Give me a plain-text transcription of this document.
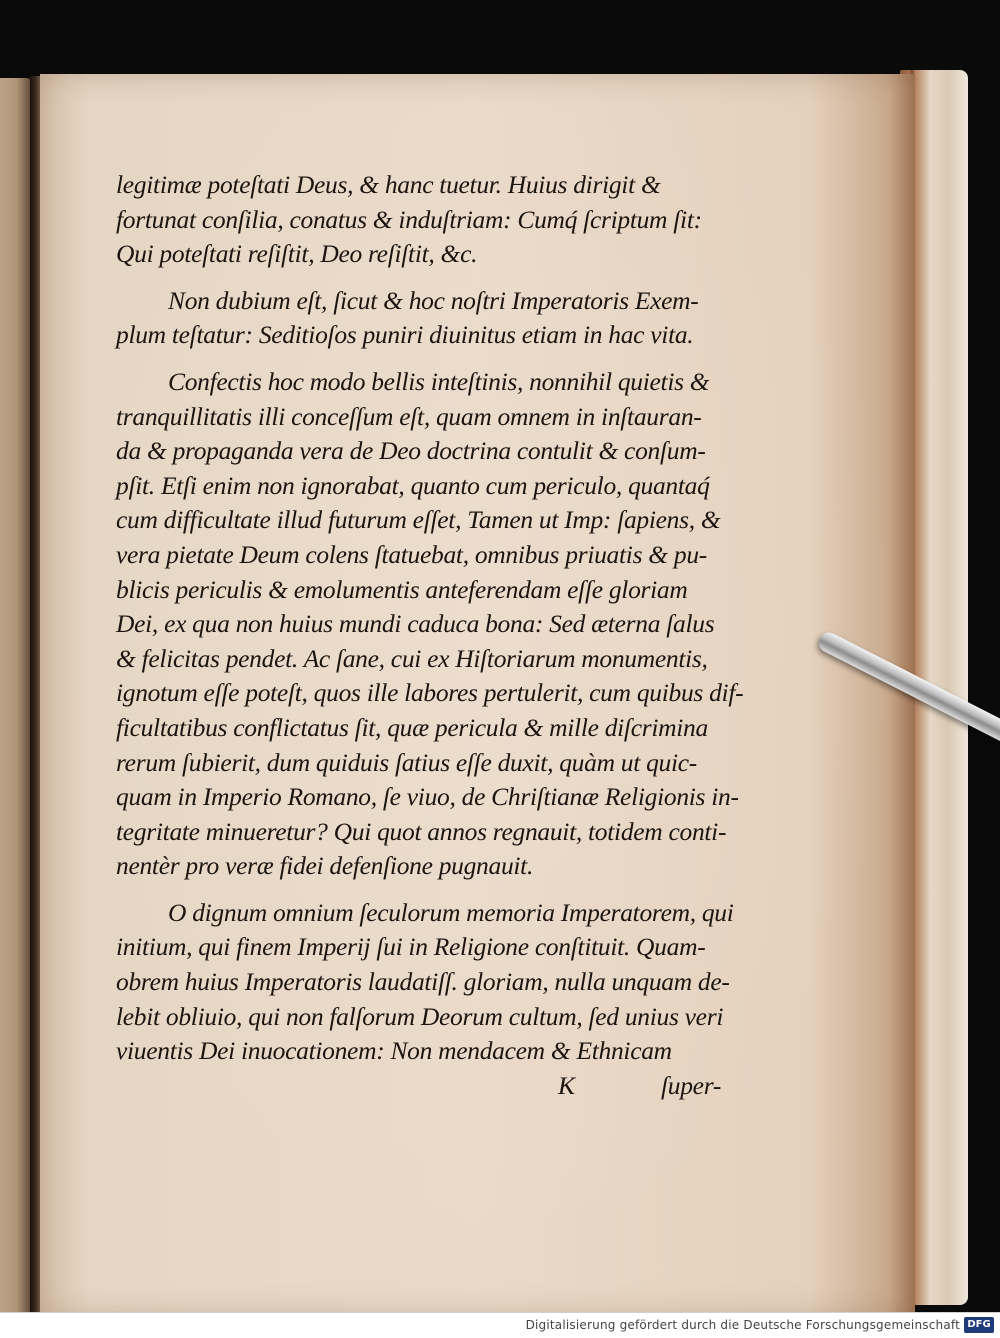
legitimæ poteſtati Deus, & hanc tuetur. Huius dirigit &
fortunat conſilia, conatus & induſtriam: Cumq́ ſcriptum ſit:
Qui poteſtati reſiſtit, Deo reſiſtit, &c.
Non dubium eſt, ſicut & hoc noſtri Imperatoris Exem-
plum teſtatur: Seditioſos puniri diuinitus etiam in hac vita.
Confectis hoc modo bellis inteſtinis, nonnihil quietis &
tranquillitatis illi conceſſum eſt, quam omnem in inſtauran-
da & propaganda vera de Deo doctrina contulit & conſum-
pſit. Etſi enim non ignorabat, quanto cum periculo, quantaq́
cum difficultate illud futurum eſſet, Tamen ut Imp: ſapiens, &
vera pietate Deum colens ſtatuebat, omnibus priuatis & pu-
blicis periculis & emolumentis anteferendam eſſe gloriam
Dei, ex qua non huius mundi caduca bona: Sed æterna ſalus
& felicitas pendet. Ac ſane, cui ex Hiſtoriarum monumentis,
ignotum eſſe poteſt, quos ille labores pertulerit, cum quibus dif-
ficultatibus conflictatus ſit, quæ pericula & mille diſcrimina
rerum ſubierit, dum quiduis ſatius eſſe duxit, quàm ut quic-
quam in Imperio Romano, ſe viuo, de Chriſtianæ Religionis in-
tegritate minueretur? Qui quot annos regnauit, totidem conti-
nentèr pro veræ fidei defenſione pugnauit.
O dignum omnium ſeculorum memoria Imperatorem, qui
initium, qui finem Imperij ſui in Religione conſtituit. Quam-
obrem huius Imperatoris laudatiſſ. gloriam, nulla unquam de-
lebit obliuio, qui non falſorum Deorum cultum, ſed unius veri
viuentis Dei inuocationem: Non mendacem & Ethnicam
K	ſuper-
Digitalisierung gefördert durch die Deutsche Forschungsgemeinschaft DFG
